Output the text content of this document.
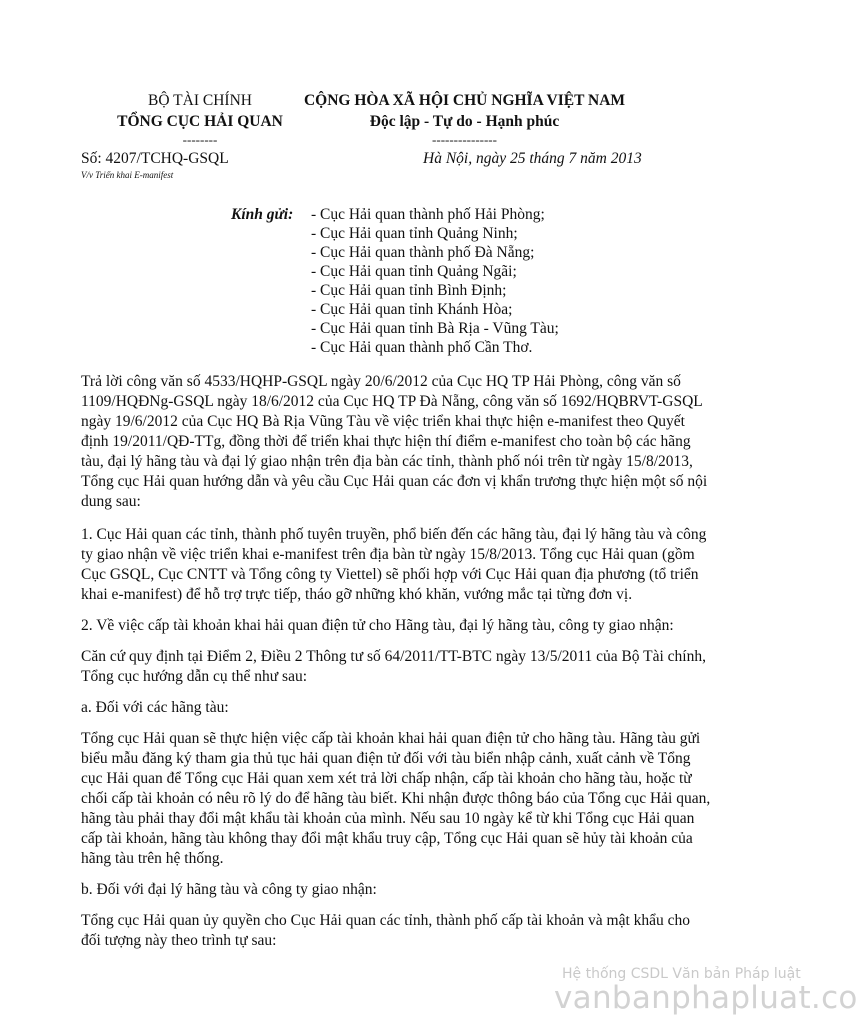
BỘ TÀI CHÍNH
TỔNG CỤC HẢI QUAN
--------
Số: 4207/TCHQ-GSQL
V/v Triển khai E-manifest
CỘNG HÒA XÃ HỘI CHỦ NGHĨA VIỆT NAM
Độc lập - Tự do - Hạnh phúc
---------------
Hà Nội, ngày 25 tháng 7 năm 2013
Kính gửi: - Cục Hải quan thành phố Hải Phòng;
- Cục Hải quan tỉnh Quảng Ninh;
- Cục Hải quan thành phố Đà Nẵng;
- Cục Hải quan tỉnh Quảng Ngãi;
- Cục Hải quan tỉnh Bình Định;
- Cục Hải quan tỉnh Khánh Hòa;
- Cục Hải quan tỉnh Bà Rịa - Vũng Tàu;
- Cục Hải quan thành phố Cần Thơ.
Trả lời công văn số 4533/HQHP-GSQL ngày 20/6/2012 của Cục HQ TP Hải Phòng, công văn số 1109/HQĐNg-GSQL ngày 18/6/2012 của Cục HQ TP Đà Nẵng, công văn số 1692/HQBRVT-GSQL ngày 19/6/2012 của Cục HQ Bà Rịa Vũng Tàu về việc triển khai thực hiện e-manifest theo Quyết định 19/2011/QĐ-TTg, đồng thời để triển khai thực hiện thí điểm e-manifest cho toàn bộ các hãng tàu, đại lý hãng tàu và đại lý giao nhận trên địa bàn các tỉnh, thành phố nói trên từ ngày 15/8/2013, Tổng cục Hải quan hướng dẫn và yêu cầu Cục Hải quan các đơn vị khẩn trương thực hiện một số nội dung sau:
1. Cục Hải quan các tỉnh, thành phố tuyên truyền, phổ biến đến các hãng tàu, đại lý hãng tàu và công ty giao nhận về việc triển khai e-manifest trên địa bàn từ ngày 15/8/2013. Tổng cục Hải quan (gồm Cục GSQL, Cục CNTT và Tổng công ty Viettel) sẽ phối hợp với Cục Hải quan địa phương (tổ triển khai e-manifest) để hỗ trợ trực tiếp, tháo gỡ những khó khăn, vướng mắc tại từng đơn vị.
2. Về việc cấp tài khoản khai hải quan điện tử cho Hãng tàu, đại lý hãng tàu, công ty giao nhận:
Căn cứ quy định tại Điểm 2, Điều 2 Thông tư số 64/2011/TT-BTC ngày 13/5/2011 của Bộ Tài chính, Tổng cục hướng dẫn cụ thể như sau:
a. Đối với các hãng tàu:
Tổng cục Hải quan sẽ thực hiện việc cấp tài khoản khai hải quan điện tử cho hãng tàu. Hãng tàu gửi biểu mẫu đăng ký tham gia thủ tục hải quan điện tử đối với tàu biển nhập cảnh, xuất cảnh về Tổng cục Hải quan để Tổng cục Hải quan xem xét trả lời chấp nhận, cấp tài khoản cho hãng tàu, hoặc từ chối cấp tài khoản có nêu rõ lý do để hãng tàu biết. Khi nhận được thông báo của Tổng cục Hải quan, hãng tàu phải thay đổi mật khẩu tài khoản của mình. Nếu sau 10 ngày kể từ khi Tổng cục Hải quan cấp tài khoản, hãng tàu không thay đổi mật khẩu truy cập, Tổng cục Hải quan sẽ hủy tài khoản của hãng tàu trên hệ thống.
b. Đối với đại lý hãng tàu và công ty giao nhận:
Tổng cục Hải quan ủy quyền cho Cục Hải quan các tỉnh, thành phố cấp tài khoản và mật khẩu cho đối tượng này theo trình tự sau:
Hệ thống CSDL Văn bản Pháp luật
vanbanphapluat.co
